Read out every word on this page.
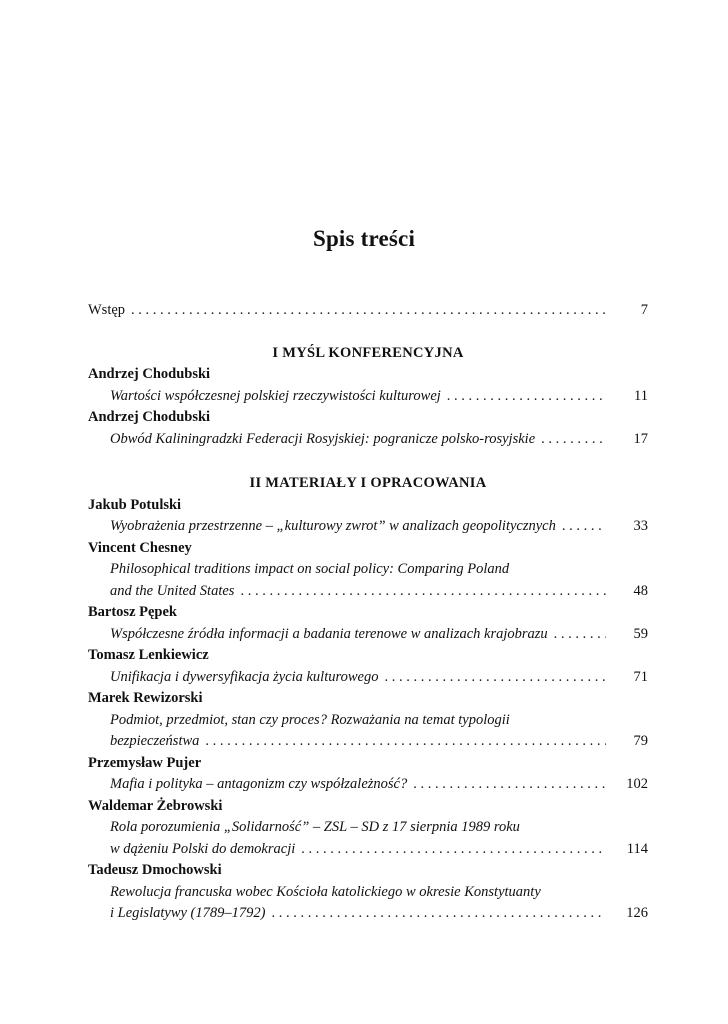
Spis treści
Wstęp . . .	7
I MYŚL KONFERENCYJNA
Andrzej Chodubski
Wartości współczesnej polskiej rzeczywistości kulturowej . . .	11
Andrzej Chodubski
Obwód Kaliningradzki Federacji Rosyjskiej: pogranicze polsko-rosyjskie . . .	17
II MATERIAŁY I OPRACOWANIA
Jakub Potulski
Wyobrażenia przestrzenne – „kulturowy zwrot” w analizach geopolitycznych . . .	33
Vincent Chesney
Philosophical traditions impact on social policy: Comparing Poland
and the United States . . .	48
Bartosz Pępek
Współczesne źródła informacji a badania terenowe w analizach krajobrazu . . .	59
Tomasz Lenkiewicz
Unifikacja i dywersyfikacja życia kulturowego . . .	71
Marek Rewizorski
Podmiot, przedmiot, stan czy proces? Rozważania na temat typologii
bezpieczeństwa . . .	79
Przemysław Pujer
Mafia i polityka – antagonizm czy współzależność? . . .	102
Waldemar Żebrowski
Rola porozumienia „Solidarność” – ZSL – SD z 17 sierpnia 1989 roku
w dążeniu Polski do demokracji . . .	114
Tadeusz Dmochowski
Rewolucja francuska wobec Kościoła katolickiego w okresie Konstytuanty
i Legislatywy (1789–1792) . . .	126
